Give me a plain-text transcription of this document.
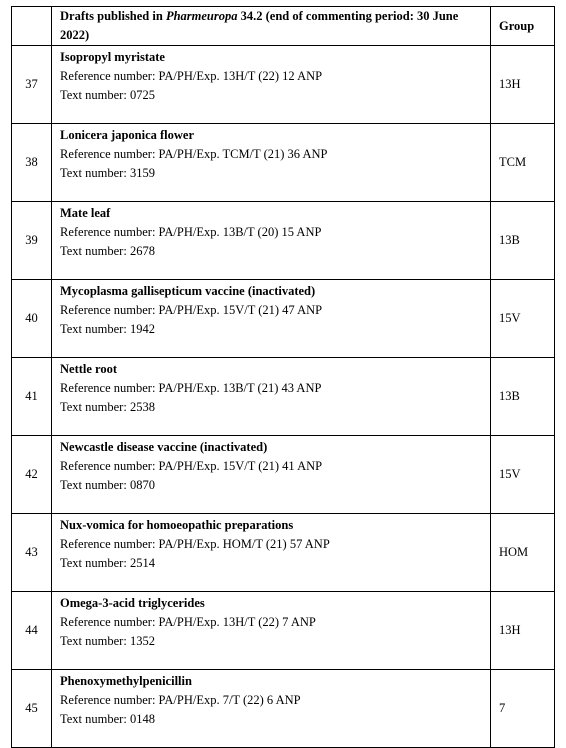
	Drafts published in Pharmeuropa 34.2 (end of commenting period: 30 June 2022)	Group
37	Isopropyl myristate
Reference number: PA/PH/Exp. 13H/T (22) 12 ANP
Text number: 0725	13H
38	Lonicera japonica flower
Reference number: PA/PH/Exp. TCM/T (21) 36 ANP
Text number: 3159	TCM
39	Mate leaf
Reference number: PA/PH/Exp. 13B/T (20) 15 ANP
Text number: 2678	13B
40	Mycoplasma gallisepticum vaccine (inactivated)
Reference number: PA/PH/Exp. 15V/T (21) 47 ANP
Text number: 1942	15V
41	Nettle root
Reference number: PA/PH/Exp. 13B/T (21) 43 ANP
Text number: 2538	13B
42	Newcastle disease vaccine (inactivated)
Reference number: PA/PH/Exp. 15V/T (21) 41 ANP
Text number: 0870	15V
43	Nux-vomica for homoeopathic preparations
Reference number: PA/PH/Exp. HOM/T (21) 57 ANP
Text number: 2514	HOM
44	Omega-3-acid triglycerides
Reference number: PA/PH/Exp. 13H/T (22) 7 ANP
Text number: 1352	13H
45	Phenoxymethylpenicillin
Reference number: PA/PH/Exp. 7/T (22) 6 ANP
Text number: 0148	7
